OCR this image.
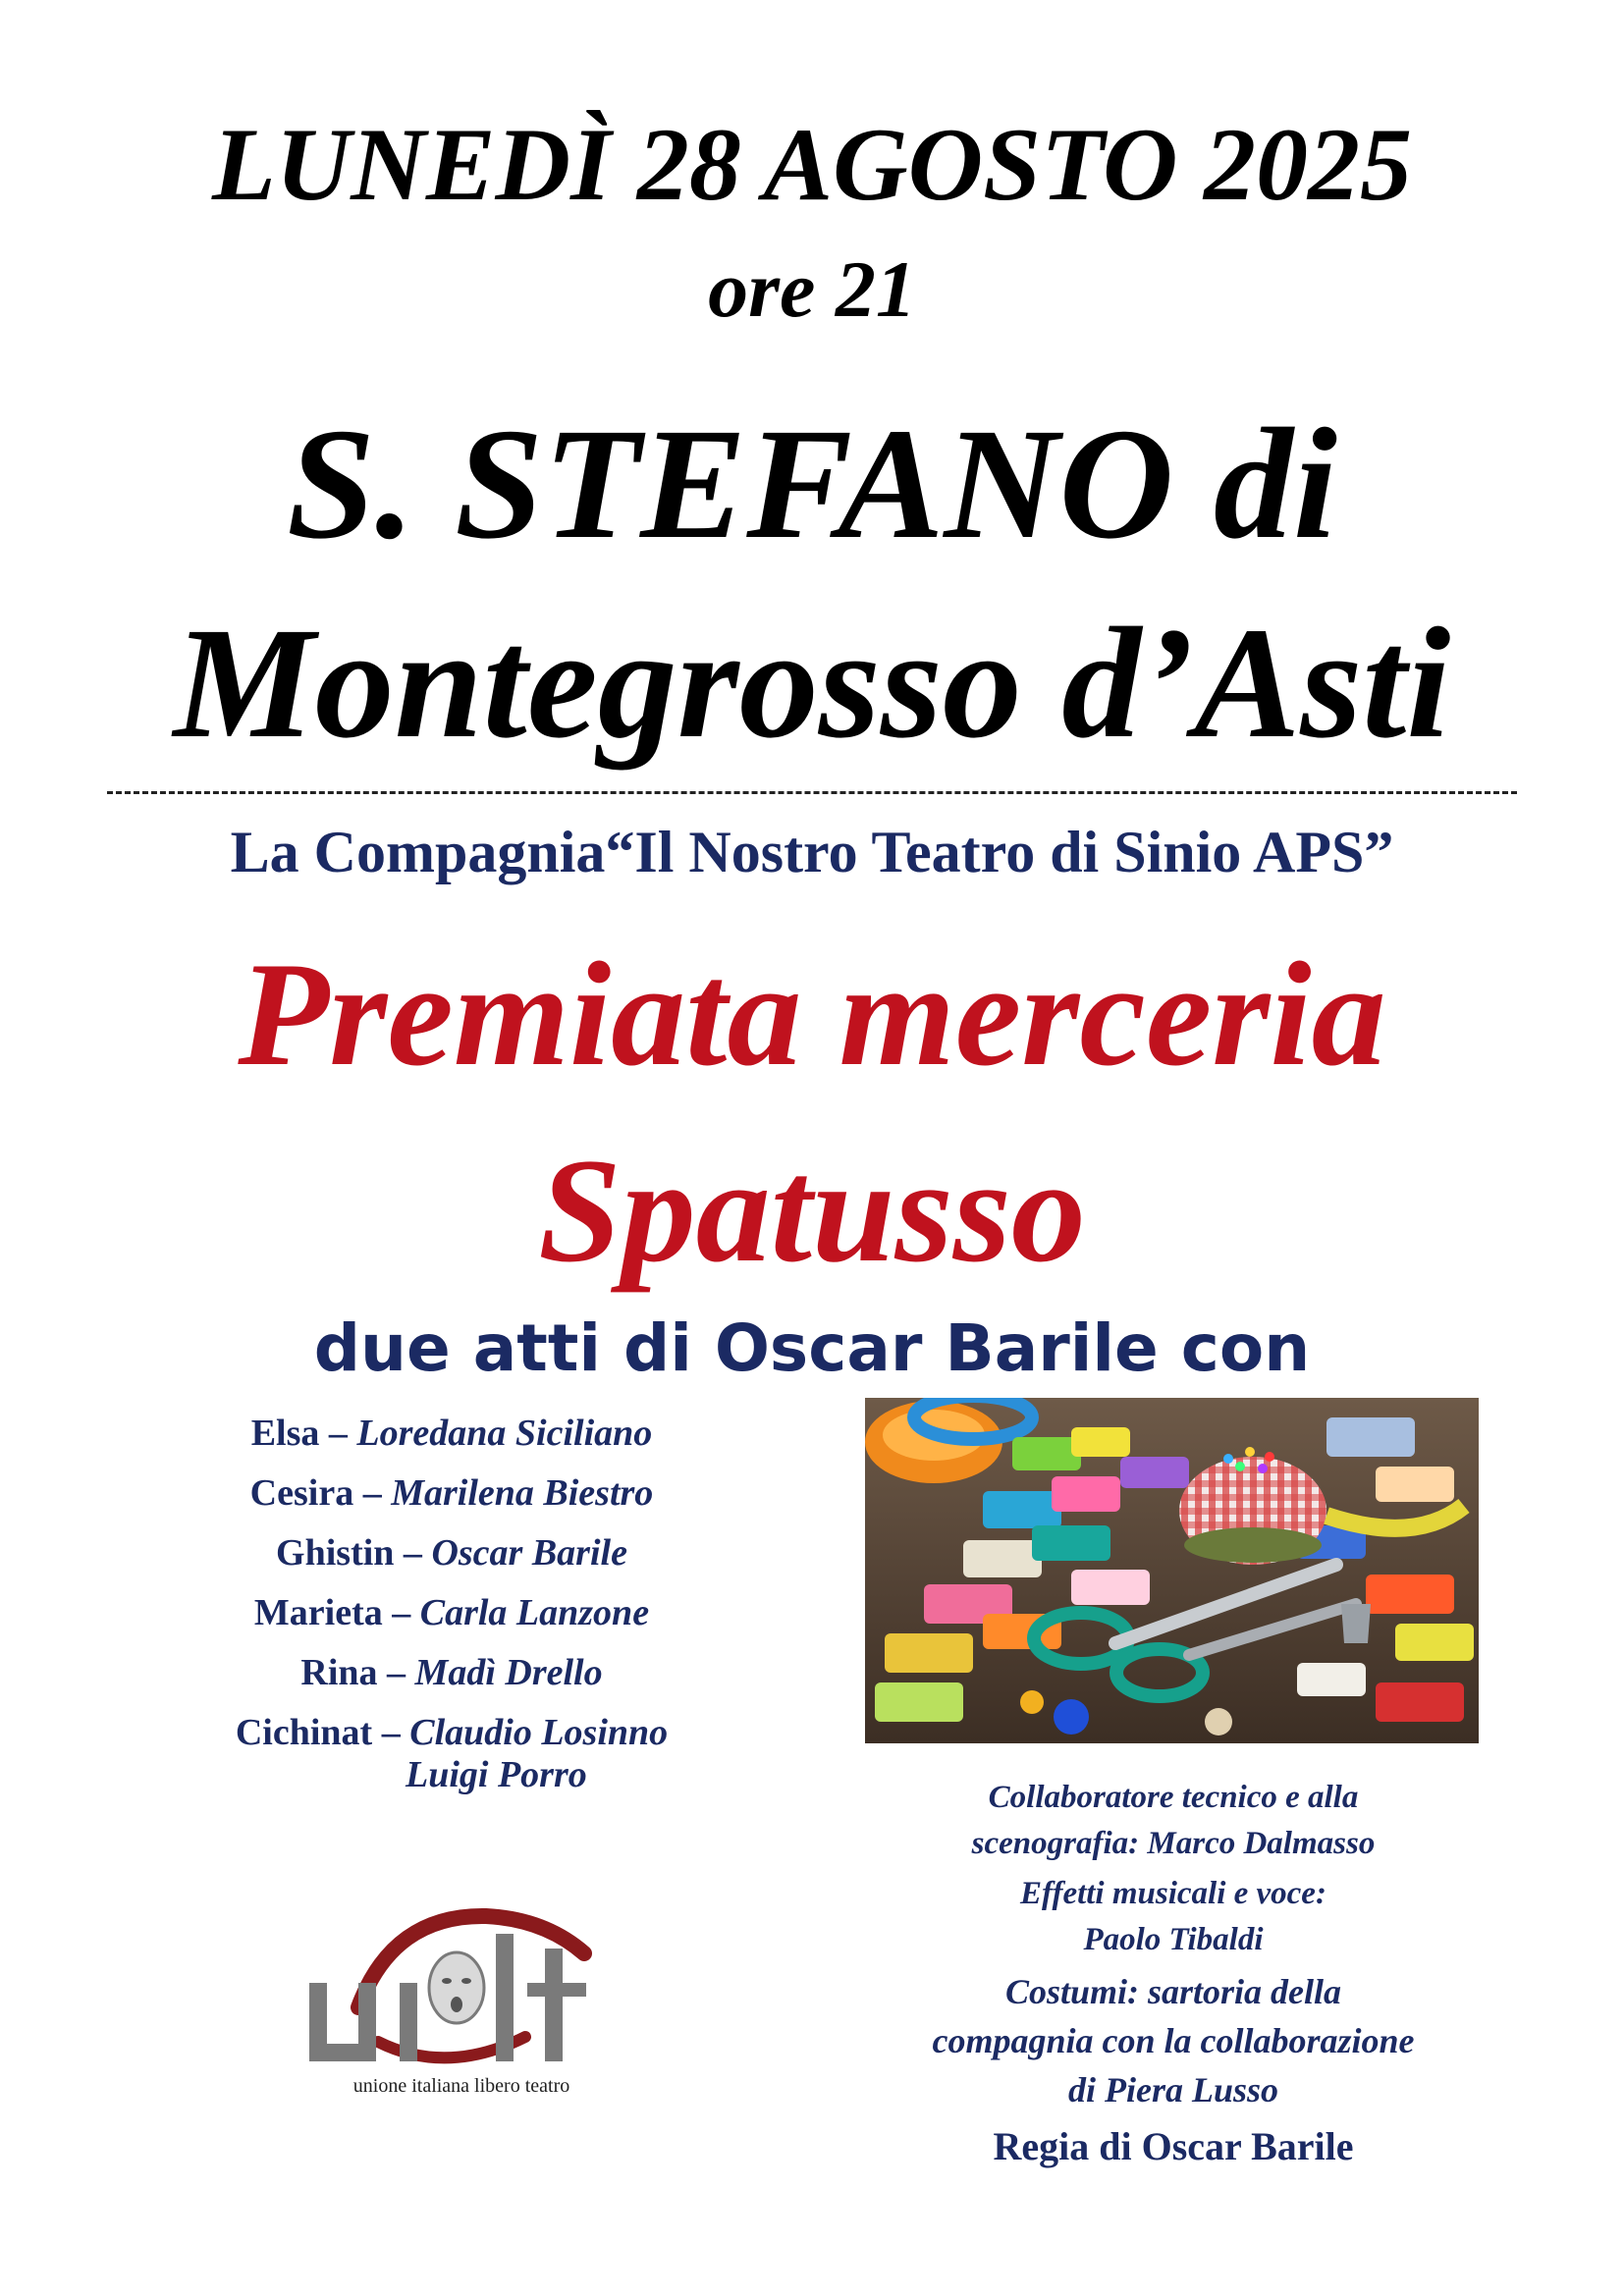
LUNEDÌ 28 AGOSTO 2025
ore 21
S. STEFANO di
Montegrosso d’Asti
La Compagnia“Il Nostro Teatro di Sinio APS”
Premiata merceria
Spatusso
due atti di Oscar Barile con
Elsa – Loredana Siciliano
Cesira – Marilena Biestro
Ghistin – Oscar Barile
Marieta – Carla Lanzone
Rina – Madì Drello
Cichinat – Claudio Losinno
Luigi Porro
Collaboratore tecnico e alla
scenografia: Marco Dalmasso
Effetti musicali e voce:
Paolo Tibaldi
Costumi: sartoria della
compagnia con la collaborazione
di Piera Lusso
Regia di Oscar Barile
unione italiana libero teatro
